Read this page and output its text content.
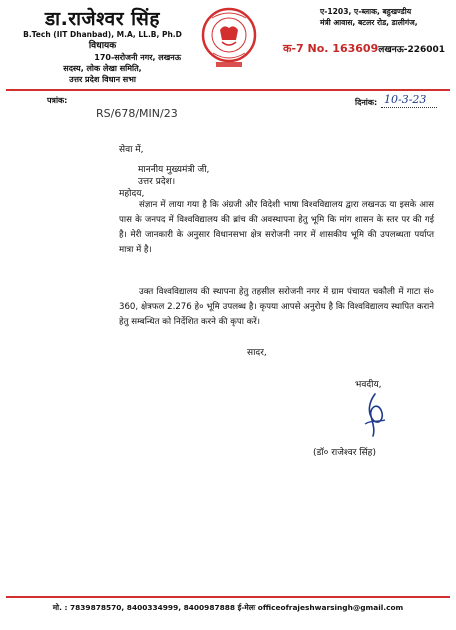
डा.राजेश्वर सिंह
B.Tech (IIT Dhanbad), M.A, LL.B, Ph.D
विधायक
170-सरोजनी नगर, लखनऊ
सदस्य, लोक लेखा समिति,
उत्तर प्रदेश विधान सभा
ए-1203, ए-ब्लाक, बहुखण्डीय
मंत्री आवास, बटलर रोड, डालीगंज,
क-7 No. 163609लखनऊ-226001
पत्रांक:
RS/678/MIN/23
दिनांक: 10-3-23
सेवा में,
माननीय मुख्यमंत्री जी,
उत्तर प्रदेश।
महोदय,
संज्ञान में लाया गया है कि अंग्रजी और विदेशी भाषा विश्वविद्यालय द्वारा लखनऊ या इसके आस पास के जनपद में विश्वविद्यालय की ब्रांच की अवस्थापना हेतु भूमि कि मांग शासन के स्तर पर की गई है। मेरी जानकारी के अनुसार विधानसभा क्षेत्र सरोजनी नगर में शासकीय भूमि की उपलब्धता पर्याप्त मात्रा में है।
उक्त विश्वविद्यालय की स्थापना हेतु तहसील सरोजनी नगर में ग्राम पंचायत चकौली में गाटा सं० 360, क्षेत्रफल 2.276 हे० भूमि उपलब्ध है। कृपया आपसे अनुरोध है कि विश्वविद्यालय स्थापित कराने हेतु सम्बन्धित को निर्देशित करने की कृपा करें।
सादर,
भवदीय,
(डॉ० राजेश्वर सिंह)
मो. : 7839878570, 8400334999, 8400987888 ई-मेलः officeofrajeshwarsingh@gmail.com
